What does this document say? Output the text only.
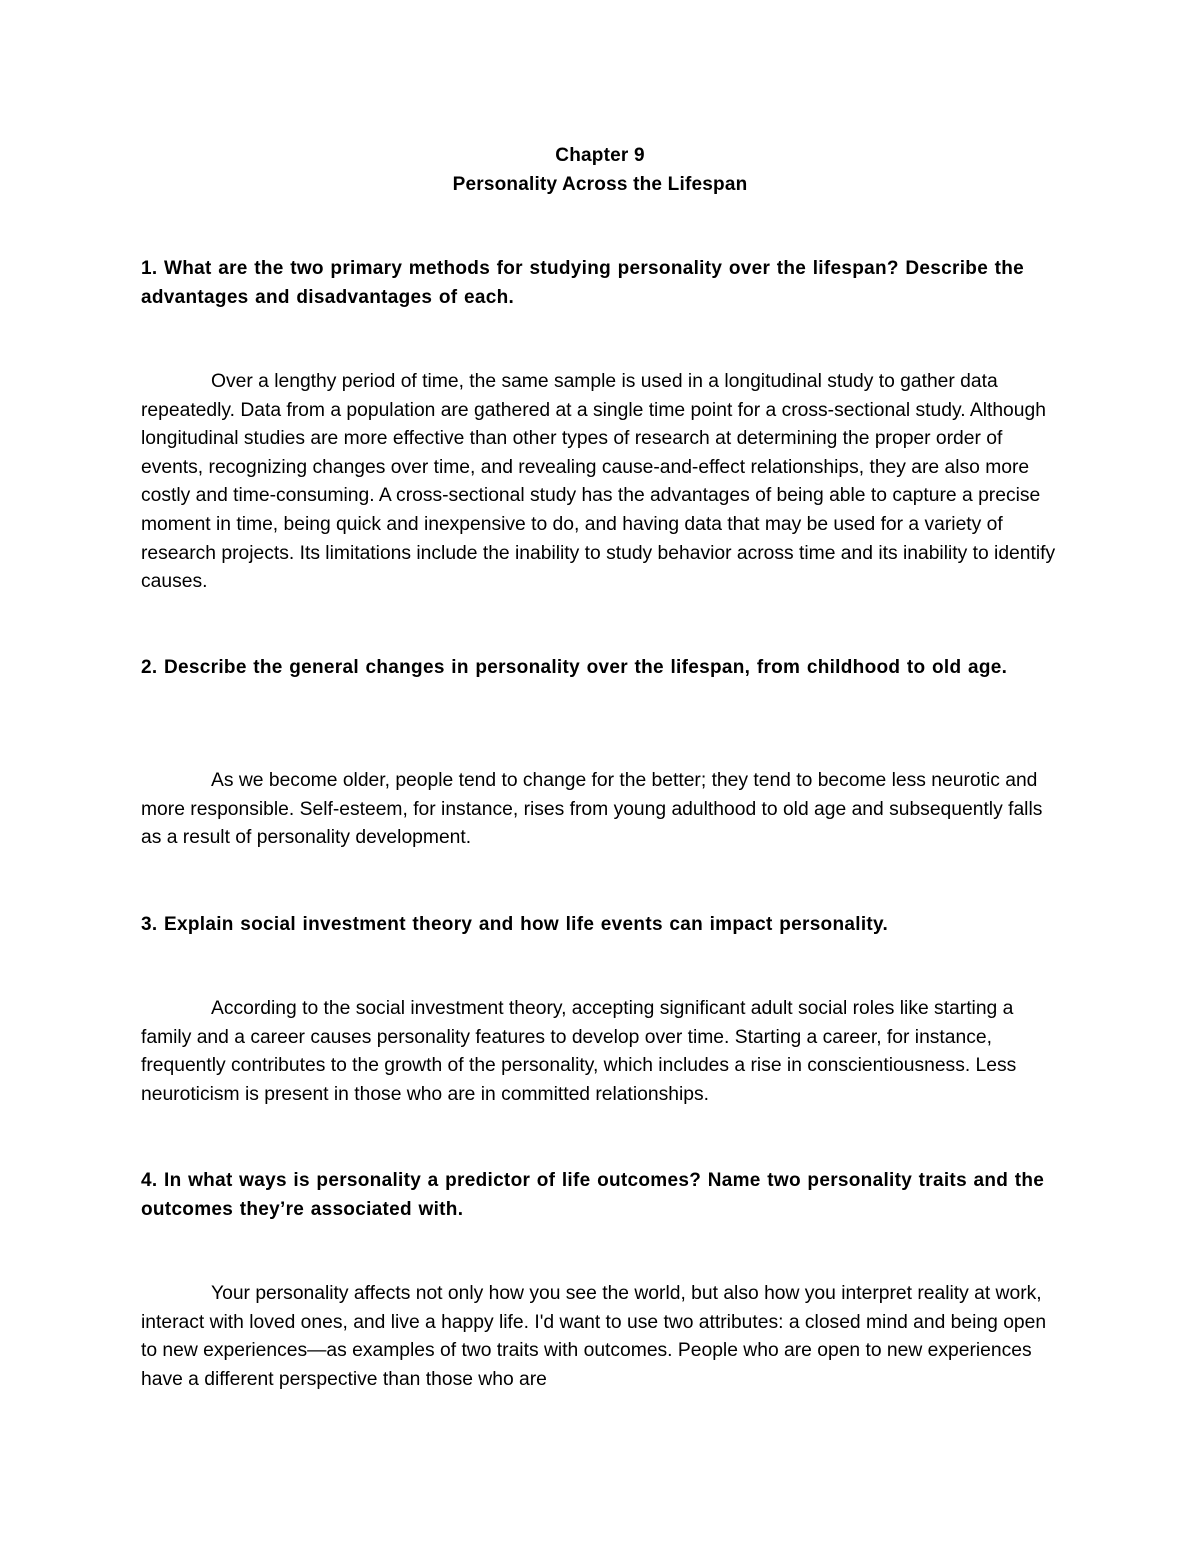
Chapter 9
Personality Across the Lifespan
1. What are the two primary methods for studying personality over the lifespan? Describe the advantages and disadvantages of each.
Over a lengthy period of time, the same sample is used in a longitudinal study to gather data repeatedly. Data from a population are gathered at a single time point for a cross-sectional study. Although longitudinal studies are more effective than other types of research at determining the proper order of events, recognizing changes over time, and revealing cause-and-effect relationships, they are also more costly and time-consuming. A cross-sectional study has the advantages of being able to capture a precise moment in time, being quick and inexpensive to do, and having data that may be used for a variety of research projects. Its limitations include the inability to study behavior across time and its inability to identify causes.
2. Describe the general changes in personality over the lifespan, from childhood to old age.
As we become older, people tend to change for the better; they tend to become less neurotic and more responsible. Self-esteem, for instance, rises from young adulthood to old age and subsequently falls as a result of personality development.
3. Explain social investment theory and how life events can impact personality.
According to the social investment theory, accepting significant adult social roles like starting a family and a career causes personality features to develop over time. Starting a career, for instance, frequently contributes to the growth of the personality, which includes a rise in conscientiousness. Less neuroticism is present in those who are in committed relationships.
4. In what ways is personality a predictor of life outcomes? Name two personality traits and the outcomes they’re associated with.
Your personality affects not only how you see the world, but also how you interpret reality at work, interact with loved ones, and live a happy life. I'd want to use two attributes: a closed mind and being open to new experiences—as examples of two traits with outcomes. People who are open to new experiences have a different perspective than those who are
